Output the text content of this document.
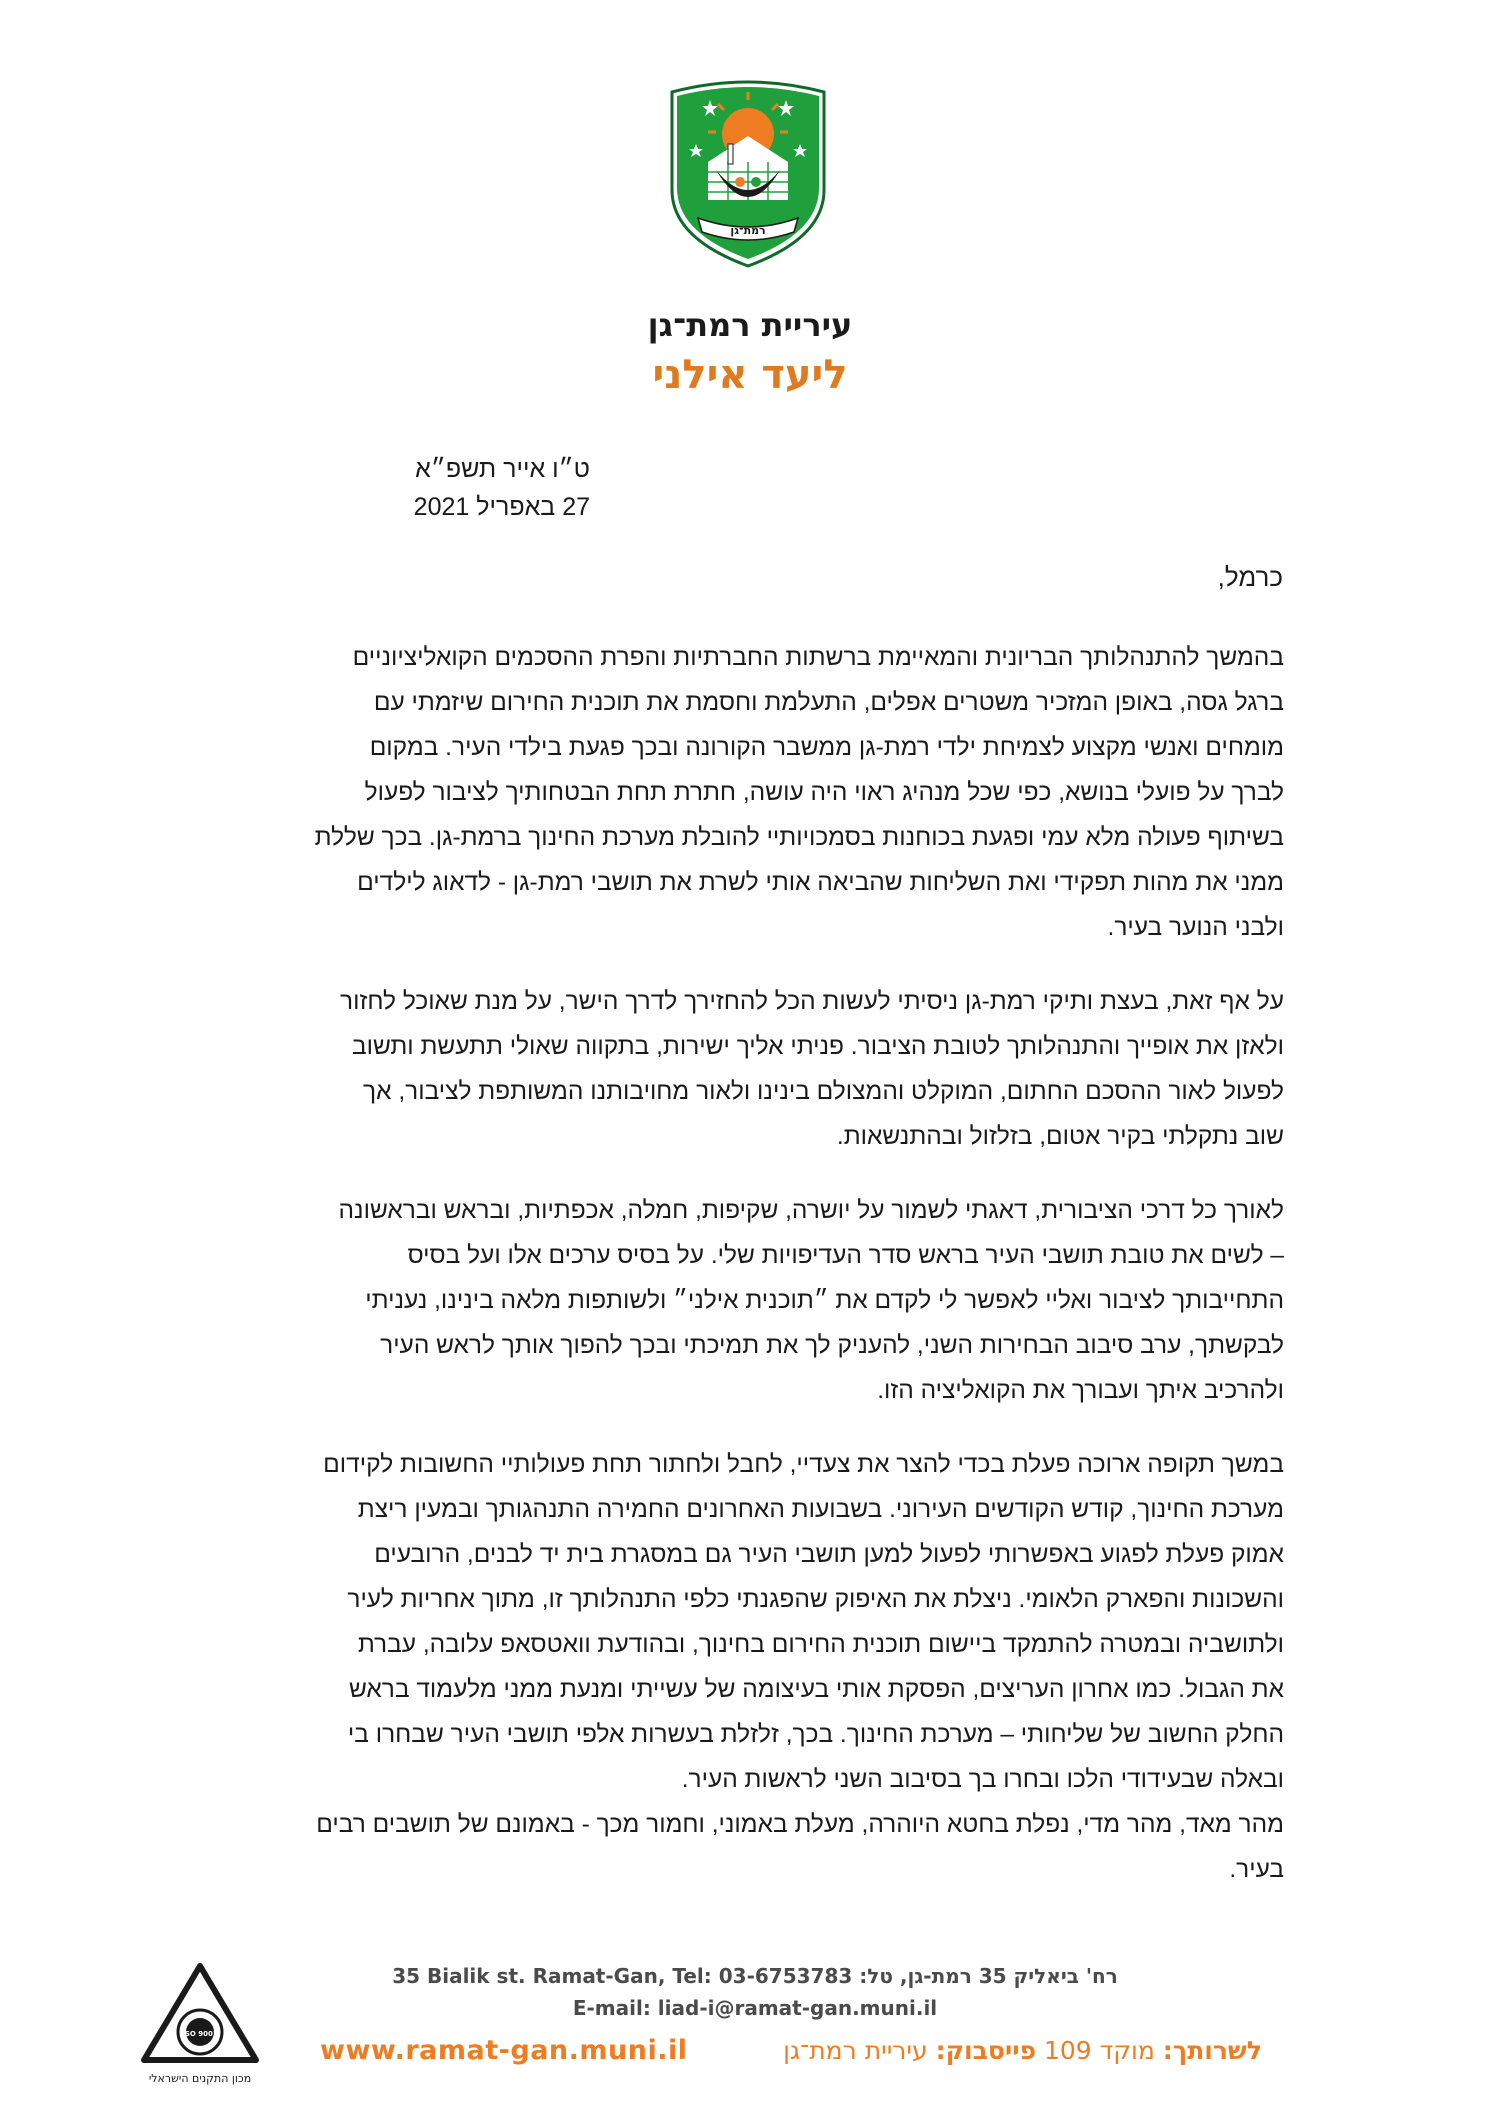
רמת־גן
עיריית רמת־גן
ליעד אילני
ט״ו אייר תשפ״א
27 באפריל 2021
כרמל,

בהמשך להתנהלותך הבריונית והמאיימת ברשתות החברתיות והפרת ההסכמים הקואליציוניים
ברגל גסה, באופן המזכיר משטרים אפלים, התעלמת וחסמת את תוכנית החירום שיזמתי עם
מומחים ואנשי מקצוע לצמיחת ילדי רמת-גן ממשבר הקורונה ובכך פגעת בילדי העיר. במקום
לברך על פועלי בנושא, כפי שכל מנהיג ראוי היה עושה, חתרת תחת הבטחותיך לציבור לפעול
בשיתוף פעולה מלא עמי ופגעת בכוחנות בסמכויותיי להובלת מערכת החינוך ברמת-גן. בכך שללת
ממני את מהות תפקידי ואת השליחות שהביאה אותי לשרת את תושבי רמת-גן - לדאוג לילדים
ולבני הנוער בעיר.

על אף זאת, בעצת ותיקי רמת-גן ניסיתי לעשות הכל להחזירך לדרך הישר, על מנת שאוכל לחזור
ולאזן את אופייך והתנהלותך לטובת הציבור. פניתי אליך ישירות, בתקווה שאולי תתעשת ותשוב
לפעול לאור ההסכם החתום, המוקלט והמצולם בינינו ולאור מחויבותנו המשותפת לציבור, אך
שוב נתקלתי בקיר אטום, בזלזול ובהתנשאות.

לאורך כל דרכי הציבורית, דאגתי לשמור על יושרה, שקיפות, חמלה, אכפתיות, ובראש ובראשונה
– לשים את טובת תושבי העיר בראש סדר העדיפויות שלי. על בסיס ערכים אלו ועל בסיס
התחייבותך לציבור ואליי לאפשר לי לקדם את ״תוכנית אילני״ ולשותפות מלאה בינינו, נעניתי
לבקשתך, ערב סיבוב הבחירות השני, להעניק לך את תמיכתי ובכך להפוך אותך לראש העיר
ולהרכיב איתך ועבורך את הקואליציה הזו.

במשך תקופה ארוכה פעלת בכדי להצר את צעדיי, לחבל ולחתור תחת פעולותיי החשובות לקידום
מערכת החינוך, קודש הקודשים העירוני. בשבועות האחרונים החמירה התנהגותך ובמעין ריצת
אמוק פעלת לפגוע באפשרותי לפעול למען תושבי העיר גם במסגרת בית יד לבנים, הרובעים
והשכונות והפארק הלאומי. ניצלת את האיפוק שהפגנתי כלפי התנהלותך זו, מתוך אחריות לעיר
ולתושביה ובמטרה להתמקד ביישום תוכנית החירום בחינוך, ובהודעת וואטסאפ עלובה, עברת
את הגבול. כמו אחרון העריצים, הפסקת אותי בעיצומה של עשייתי ומנעת ממני מלעמוד בראש
החלק החשוב של שליחותי – מערכת החינוך. בכך, זלזלת בעשרות אלפי תושבי העיר שבחרו בי
ובאלה שבעידודי הלכו ובחרו בך בסיבוב השני לראשות העיר.

מהר מאד, מהר מדי, נפלת בחטא היוהרה, מעלת באמוני, וחמור מכך - באמונם של תושבים רבים
בעיר.

ISO 9001
מכון התקנים הישראלי
35 Bialik st. Ramat-Gan, Tel: 03-6753783 :רח' ביאליק 35 רמת-גן, טל
E-mail: liad-i@ramat-gan.muni.il
www.ramat-gan.muni.il	לשרותך: מוקד 109 פייסבוק: עיריית רמת־גן
